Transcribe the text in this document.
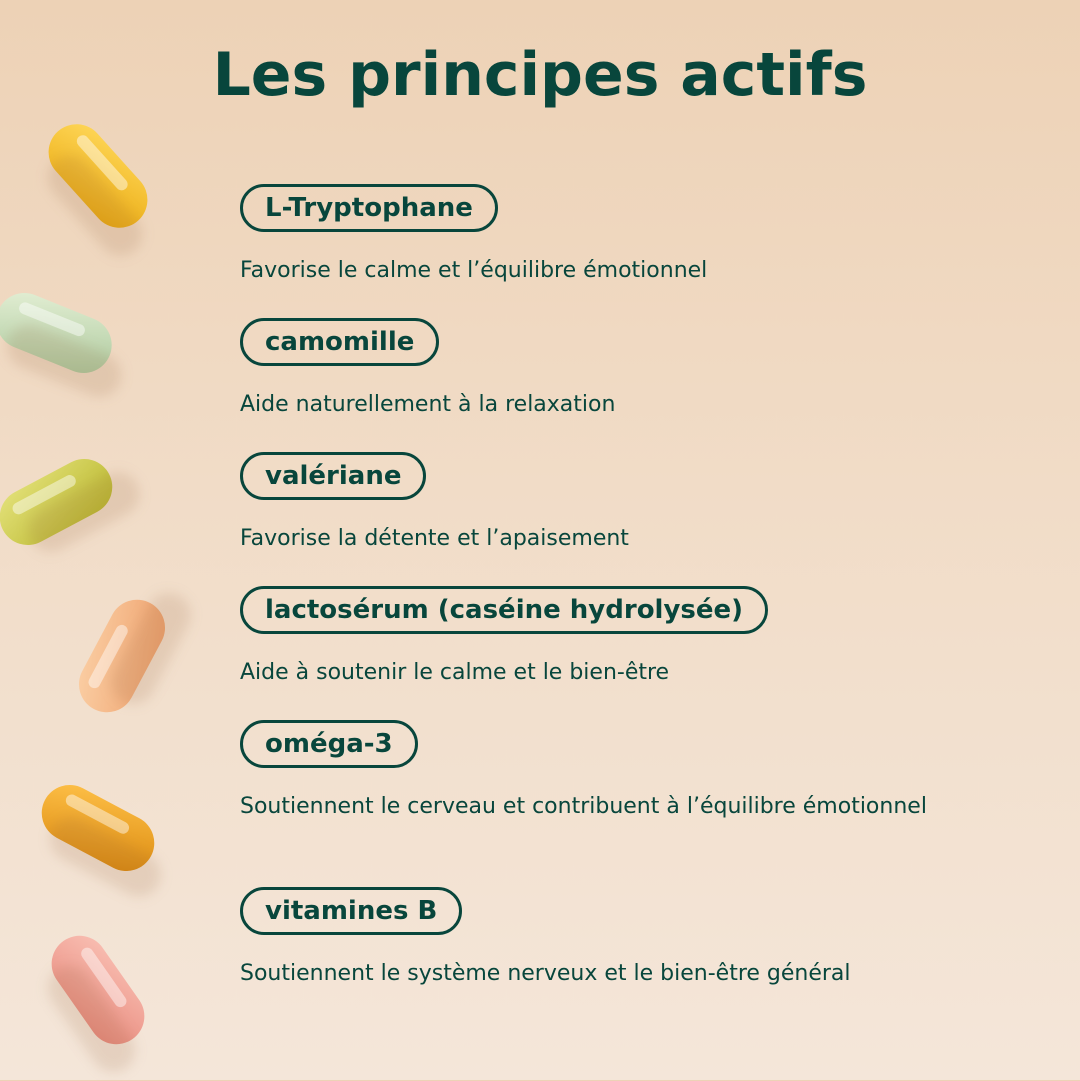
Les principes actifs
L-Tryptophane
Favorise le calme et l’équilibre émotionnel
camomille
Aide naturellement à la relaxation
valériane
Favorise la détente et l’apaisement
lactosérum (caséine hydrolysée)
Aide à soutenir le calme et le bien-être
oméga-3
Soutiennent le cerveau et contribuent à l’équilibre émotionnel
vitamines B
Soutiennent le système nerveux et le bien-être général
